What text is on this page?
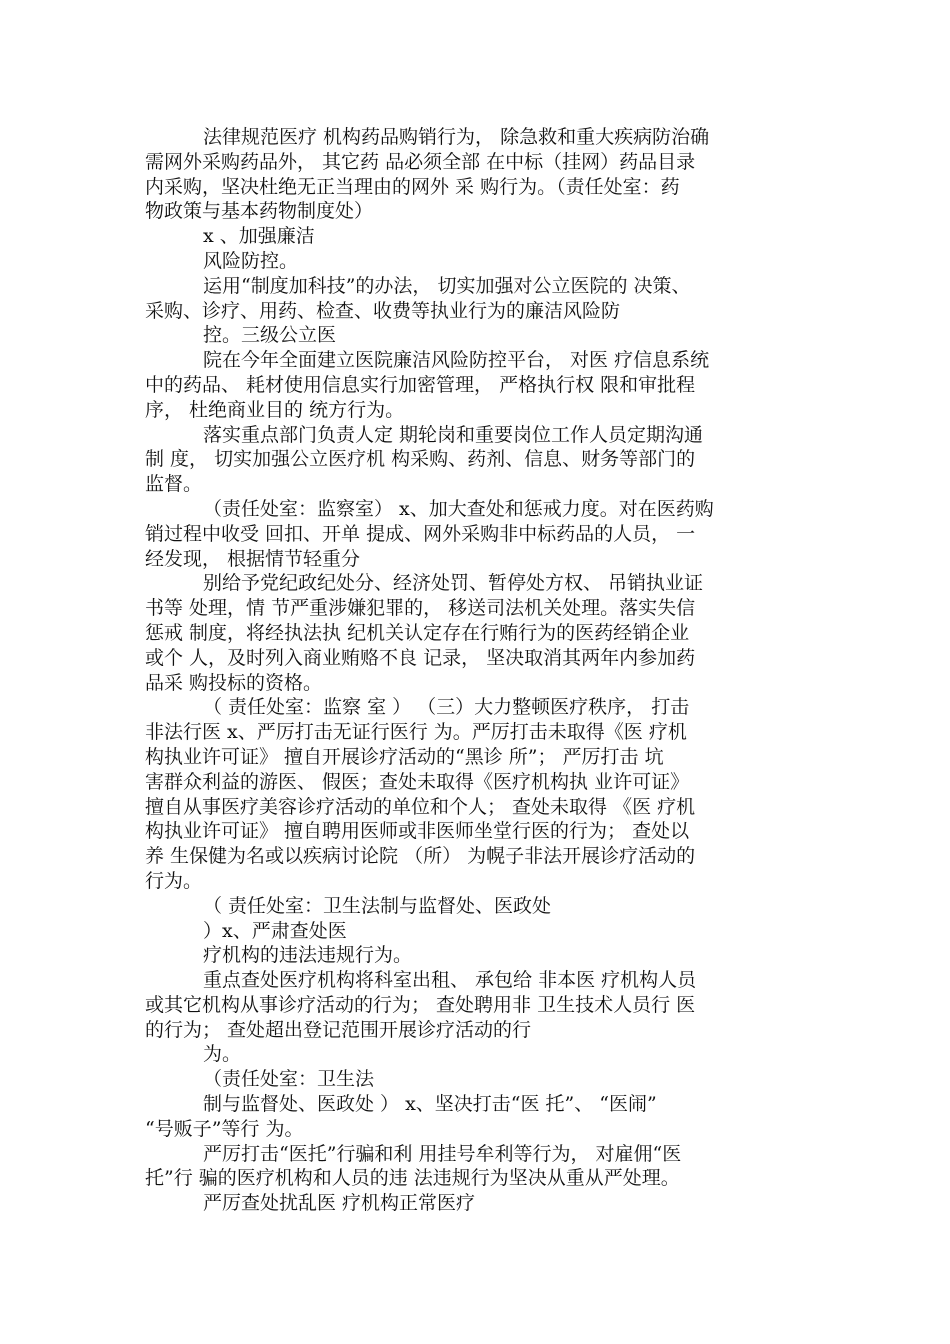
法律规范医疗 机构药品购销行为， 除急救和重大疾病防治确
需网外采购药品外， 其它药 品必须全部 在中标（挂网）药品目录
内采购，坚决杜绝无正当理由的网外 采 购行为。（责任处室：药
物政策与基本药物制度处）
x 、加强廉洁
风险防控。
运用“制度加科技”的办法， 切实加强对公立医院的 决策、
采购、诊疗、用药、检查、收费等执业行为的廉洁风险防
控。三级公立医
院在今年全面建立医院廉洁风险防控平台， 对医 疗信息系统
中的药品、 耗材使用信息实行加密管理， 严格执行权 限和审批程
序， 杜绝商业目的 统方行为。
落实重点部门负责人定 期轮岗和重要岗位工作人员定期沟通
制 度， 切实加强公立医疗机 构采购、药剂、信息、财务等部门的
监督。
（责任处室：监察室） x、加大查处和惩戒力度。对在医药购
销过程中收受 回扣、开单 提成、网外采购非中标药品的人员， 一
经发现， 根据情节轻重分
别给予党纪政纪处分、经济处罚、暂停处方权、 吊销执业证
书等 处理，情 节严重涉嫌犯罪的， 移送司法机关处理。落实失信
惩戒 制度，将经执法执 纪机关认定存在行贿行为的医药经销企业
或个 人，及时列入商业贿赂不良 记录， 坚决取消其两年内参加药
品采 购投标的资格。
（ 责任处室：监察 室 ） （三）大力整顿医疗秩序， 打击
非法行医 x、严厉打击无证行医行 为。严厉打击未取得《医 疗机
构执业许可证》 擅自开展诊疗活动的“黑诊 所”； 严厉打击 坑
害群众利益的游医、 假医；查处未取得《医疗机构执 业许可证》
擅自从事医疗美容诊疗活动的单位和个人； 查处未取得 《医 疗机
构执业许可证》 擅自聘用医师或非医师坐堂行医的行为； 查处以
养 生保健为名或以疾病讨论院 （所） 为幌子非法开展诊疗活动的
行为。
（ 责任处室：卫生法制与监督处、医政处
）x、严肃查处医
疗机构的违法违规行为。
重点查处医疗机构将科室出租、 承包给 非本医 疗机构人员
或其它机构从事诊疗活动的行为； 查处聘用非 卫生技术人员行 医
的行为； 查处超出登记范围开展诊疗活动的行
为。
（责任处室：卫生法
制与监督处、医政处 ） x、坚决打击“医 托”、 “医闹”
“号贩子”等行 为。
严厉打击“医托”行骗和利 用挂号牟利等行为， 对雇佣“医
托”行 骗的医疗机构和人员的违 法违规行为坚决从重从严处理。
严厉查处扰乱医 疗机构正常医疗
